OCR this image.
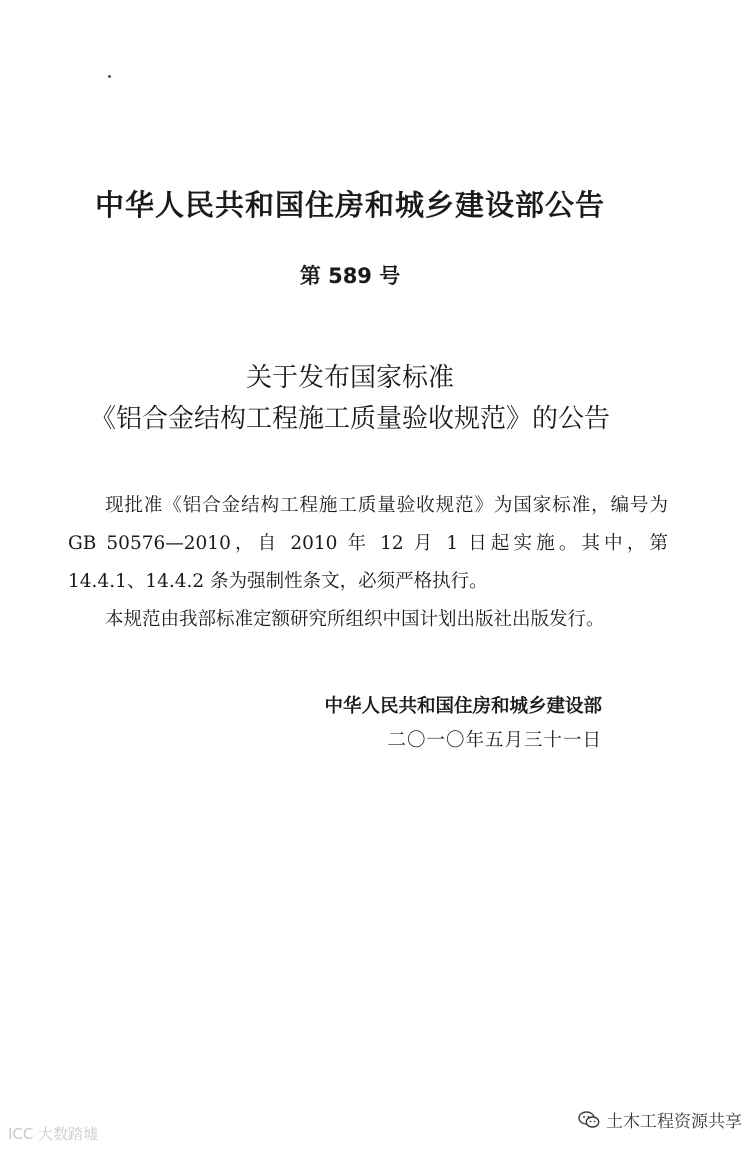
中华人民共和国住房和城乡建设部公告
第 589 号
关于发布国家标准
《铝合金结构工程施工质量验收规范》的公告

现批准《铝合金结构工程施工质量验收规范》为国家标准，编号为 GB 50576—2010，自 2010 年 12 月 1 日起实施。其中，第 14.4.1、14.4.2 条为强制性条文，必须严格执行。

本规范由我部标准定额研究所组织中国计划出版社出版发行。

中华人民共和国住房和城乡建设部
二〇一〇年五月三十一日
ICC 大数踏墟
土木工程资源共享
